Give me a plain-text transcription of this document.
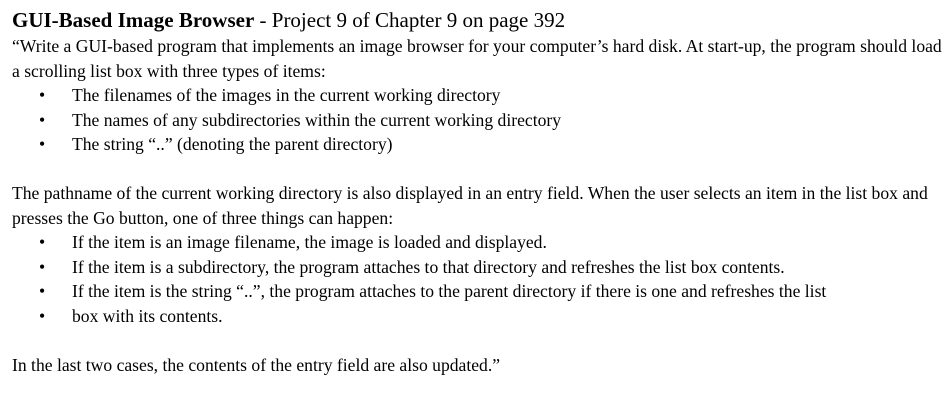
GUI-Based Image Browser - Project 9 of Chapter 9 on page 392
“Write a GUI-based program that implements an image browser for your computer’s hard disk. At start-up, the program should load a scrolling list box with three types of items:
• The filenames of the images in the current working directory
• The names of any subdirectories within the current working directory
• The string “..” (denoting the parent directory)
The pathname of the current working directory is also displayed in an entry field. When the user selects an item in the list box and presses the Go button, one of three things can happen:
• If the item is an image filename, the image is loaded and displayed.
• If the item is a subdirectory, the program attaches to that directory and refreshes the list box contents.
• If the item is the string “..”, the program attaches to the parent directory if there is one and refreshes the list
• box with its contents.
In the last two cases, the contents of the entry field are also updated.”
